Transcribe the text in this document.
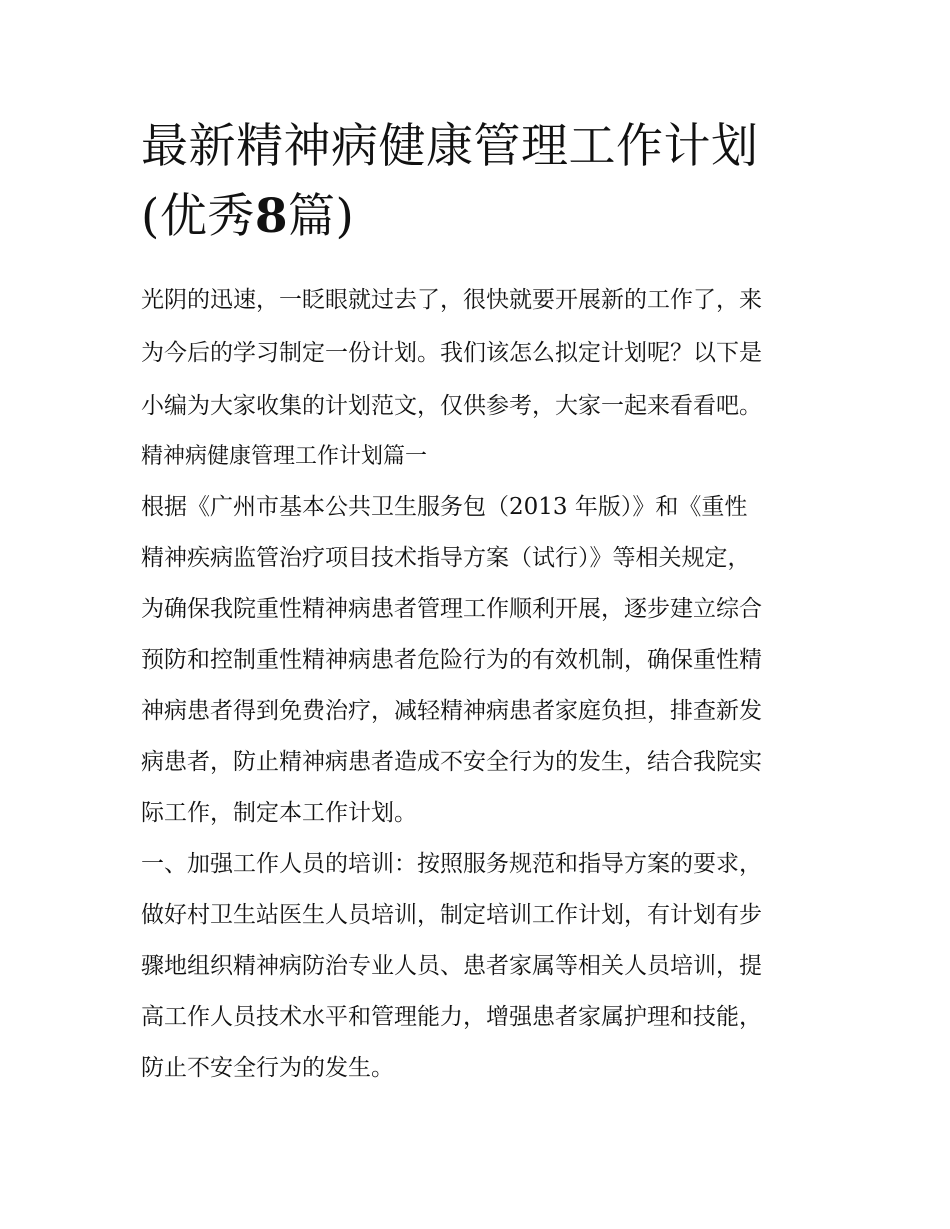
最新精神病健康管理工作计划
(优秀8篇)

光阴的迅速，一眨眼就过去了，很快就要开展新的工作了，来

为今后的学习制定一份计划。我们该怎么拟定计划呢？以下是

小编为大家收集的计划范文，仅供参考，大家一起来看看吧。

精神病健康管理工作计划篇一

根据《广州市基本公共卫生服务包（2013 年版）》和《重性

精神疾病监管治疗项目技术指导方案（试行）》等相关规定，

为确保我院重性精神病患者管理工作顺利开展，逐步建立综合

预防和控制重性精神病患者危险行为的有效机制，确保重性精

神病患者得到免费治疗，减轻精神病患者家庭负担，排查新发

病患者，防止精神病患者造成不安全行为的发生，结合我院实

际工作，制定本工作计划。

一、加强工作人员的培训：按照服务规范和指导方案的要求，

做好村卫生站医生人员培训，制定培训工作计划，有计划有步

骤地组织精神病防治专业人员、患者家属等相关人员培训，提

高工作人员技术水平和管理能力，增强患者家属护理和技能，

防止不安全行为的发生。
